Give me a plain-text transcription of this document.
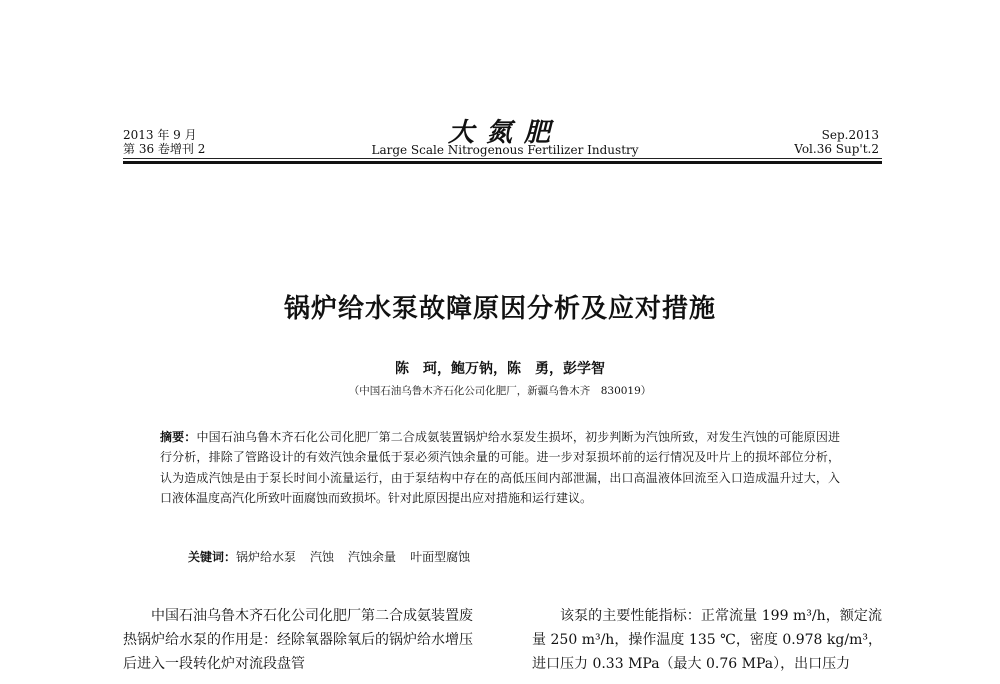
2013 年 9 月
第 36 卷增刊 2
大氮肥
Large Scale Nitrogenous Fertilizer Industry
Sep.2013
Vol.36 Sup't.2
锅炉给水泵故障原因分析及应对措施
陈　珂，鲍万钠，陈　勇，彭学智
（中国石油乌鲁木齐石化公司化肥厂，新疆乌鲁木齐　830019）
摘要：中国石油乌鲁木齐石化公司化肥厂第二合成氨装置锅炉给水泵发生损坏，初步判断为汽蚀所致，对发生汽蚀的可能原因进行分析，排除了管路设计的有效汽蚀余量低于泵必须汽蚀余量的可能。进一步对泵损坏前的运行情况及叶片上的损坏部位分析，认为造成汽蚀是由于泵长时间小流量运行，由于泵结构中存在的高低压间内部泄漏，出口高温液体回流至入口造成温升过大，入口液体温度高汽化所致叶面腐蚀而致损坏。针对此原因提出应对措施和运行建议。
关键词：锅炉给水泵 汽蚀 汽蚀余量 叶面型腐蚀
中国石油乌鲁木齐石化公司化肥厂第二合成氨装置废热锅炉给水泵的作用是：经除氧器除氧后的锅炉给水增压后进入一段转化炉对流段盘管
该泵的主要性能指标：正常流量 199 m³/h，额定流量 250 m³/h，操作温度 135 ℃，密度 0.978 kg/m³，进口压力 0.33 MPa（最大 0.76 MPa），出口压力
